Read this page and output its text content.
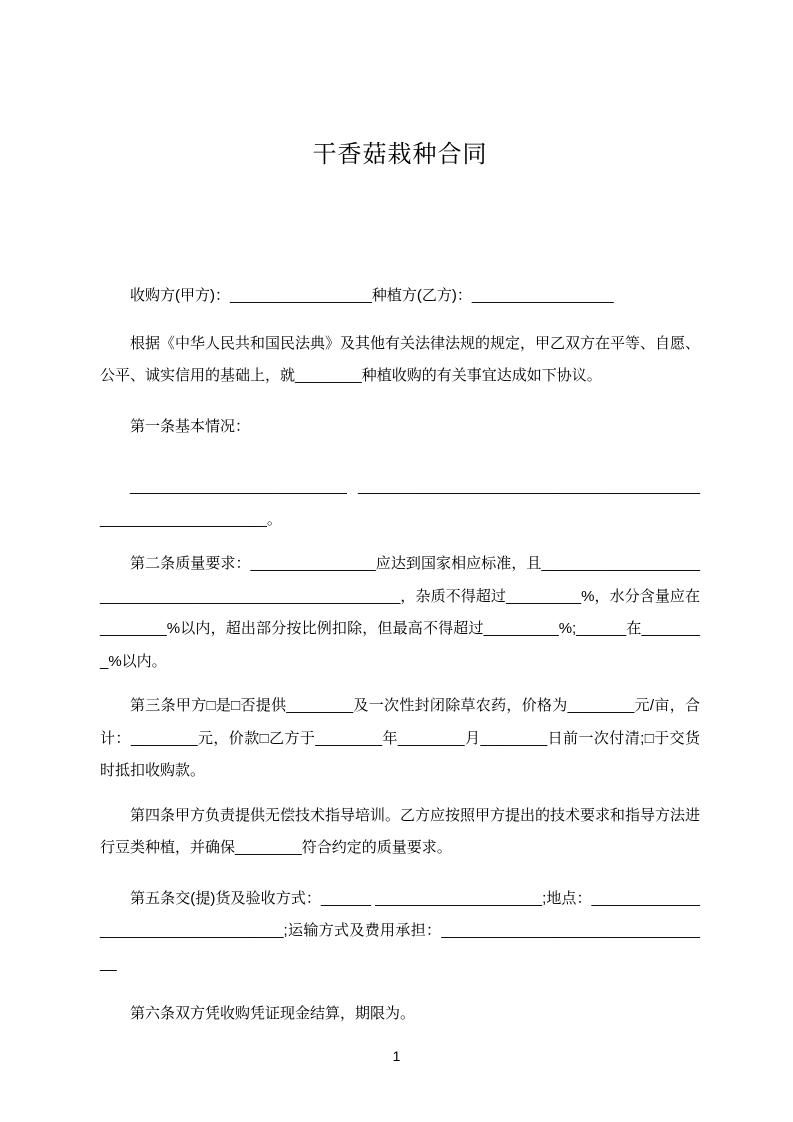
干香菇栽种合同

收购方(甲方)：_________________种植方(乙方)：_________________

根据《中华人民共和国民法典》及其他有关法律法规的规定，甲乙双方在平等、自愿、公平、诚实信用的基础上，就________种植收购的有关事宜达成如下协议。

第一条基本情况：

__________________________ _____________________________________________________________。

第二条质量要求：_______________应达到国家相应标准，且_______________________________________________________，杂质不得超过_________%，水分含量应在________%以内，超出部分按比例扣除，但最高不得超过_________%;______在________%以内。

第三条甲方□是□否提供________及一次性封闭除草农药，价格为________元/亩，合计：________元，价款□乙方于________年________月________日前一次付清;□于交货时抵扣收购款。

第四条甲方负责提供无偿技术指导培训。乙方应按照甲方提出的技术要求和指导方法进行豆类种植，并确保________符合约定的质量要求。

第五条交(提)货及验收方式：______ ____________________;地点：___________________________________;运输方式及费用承担：_________________________________

第六条双方凭收购凭证现金结算，期限为。

1
